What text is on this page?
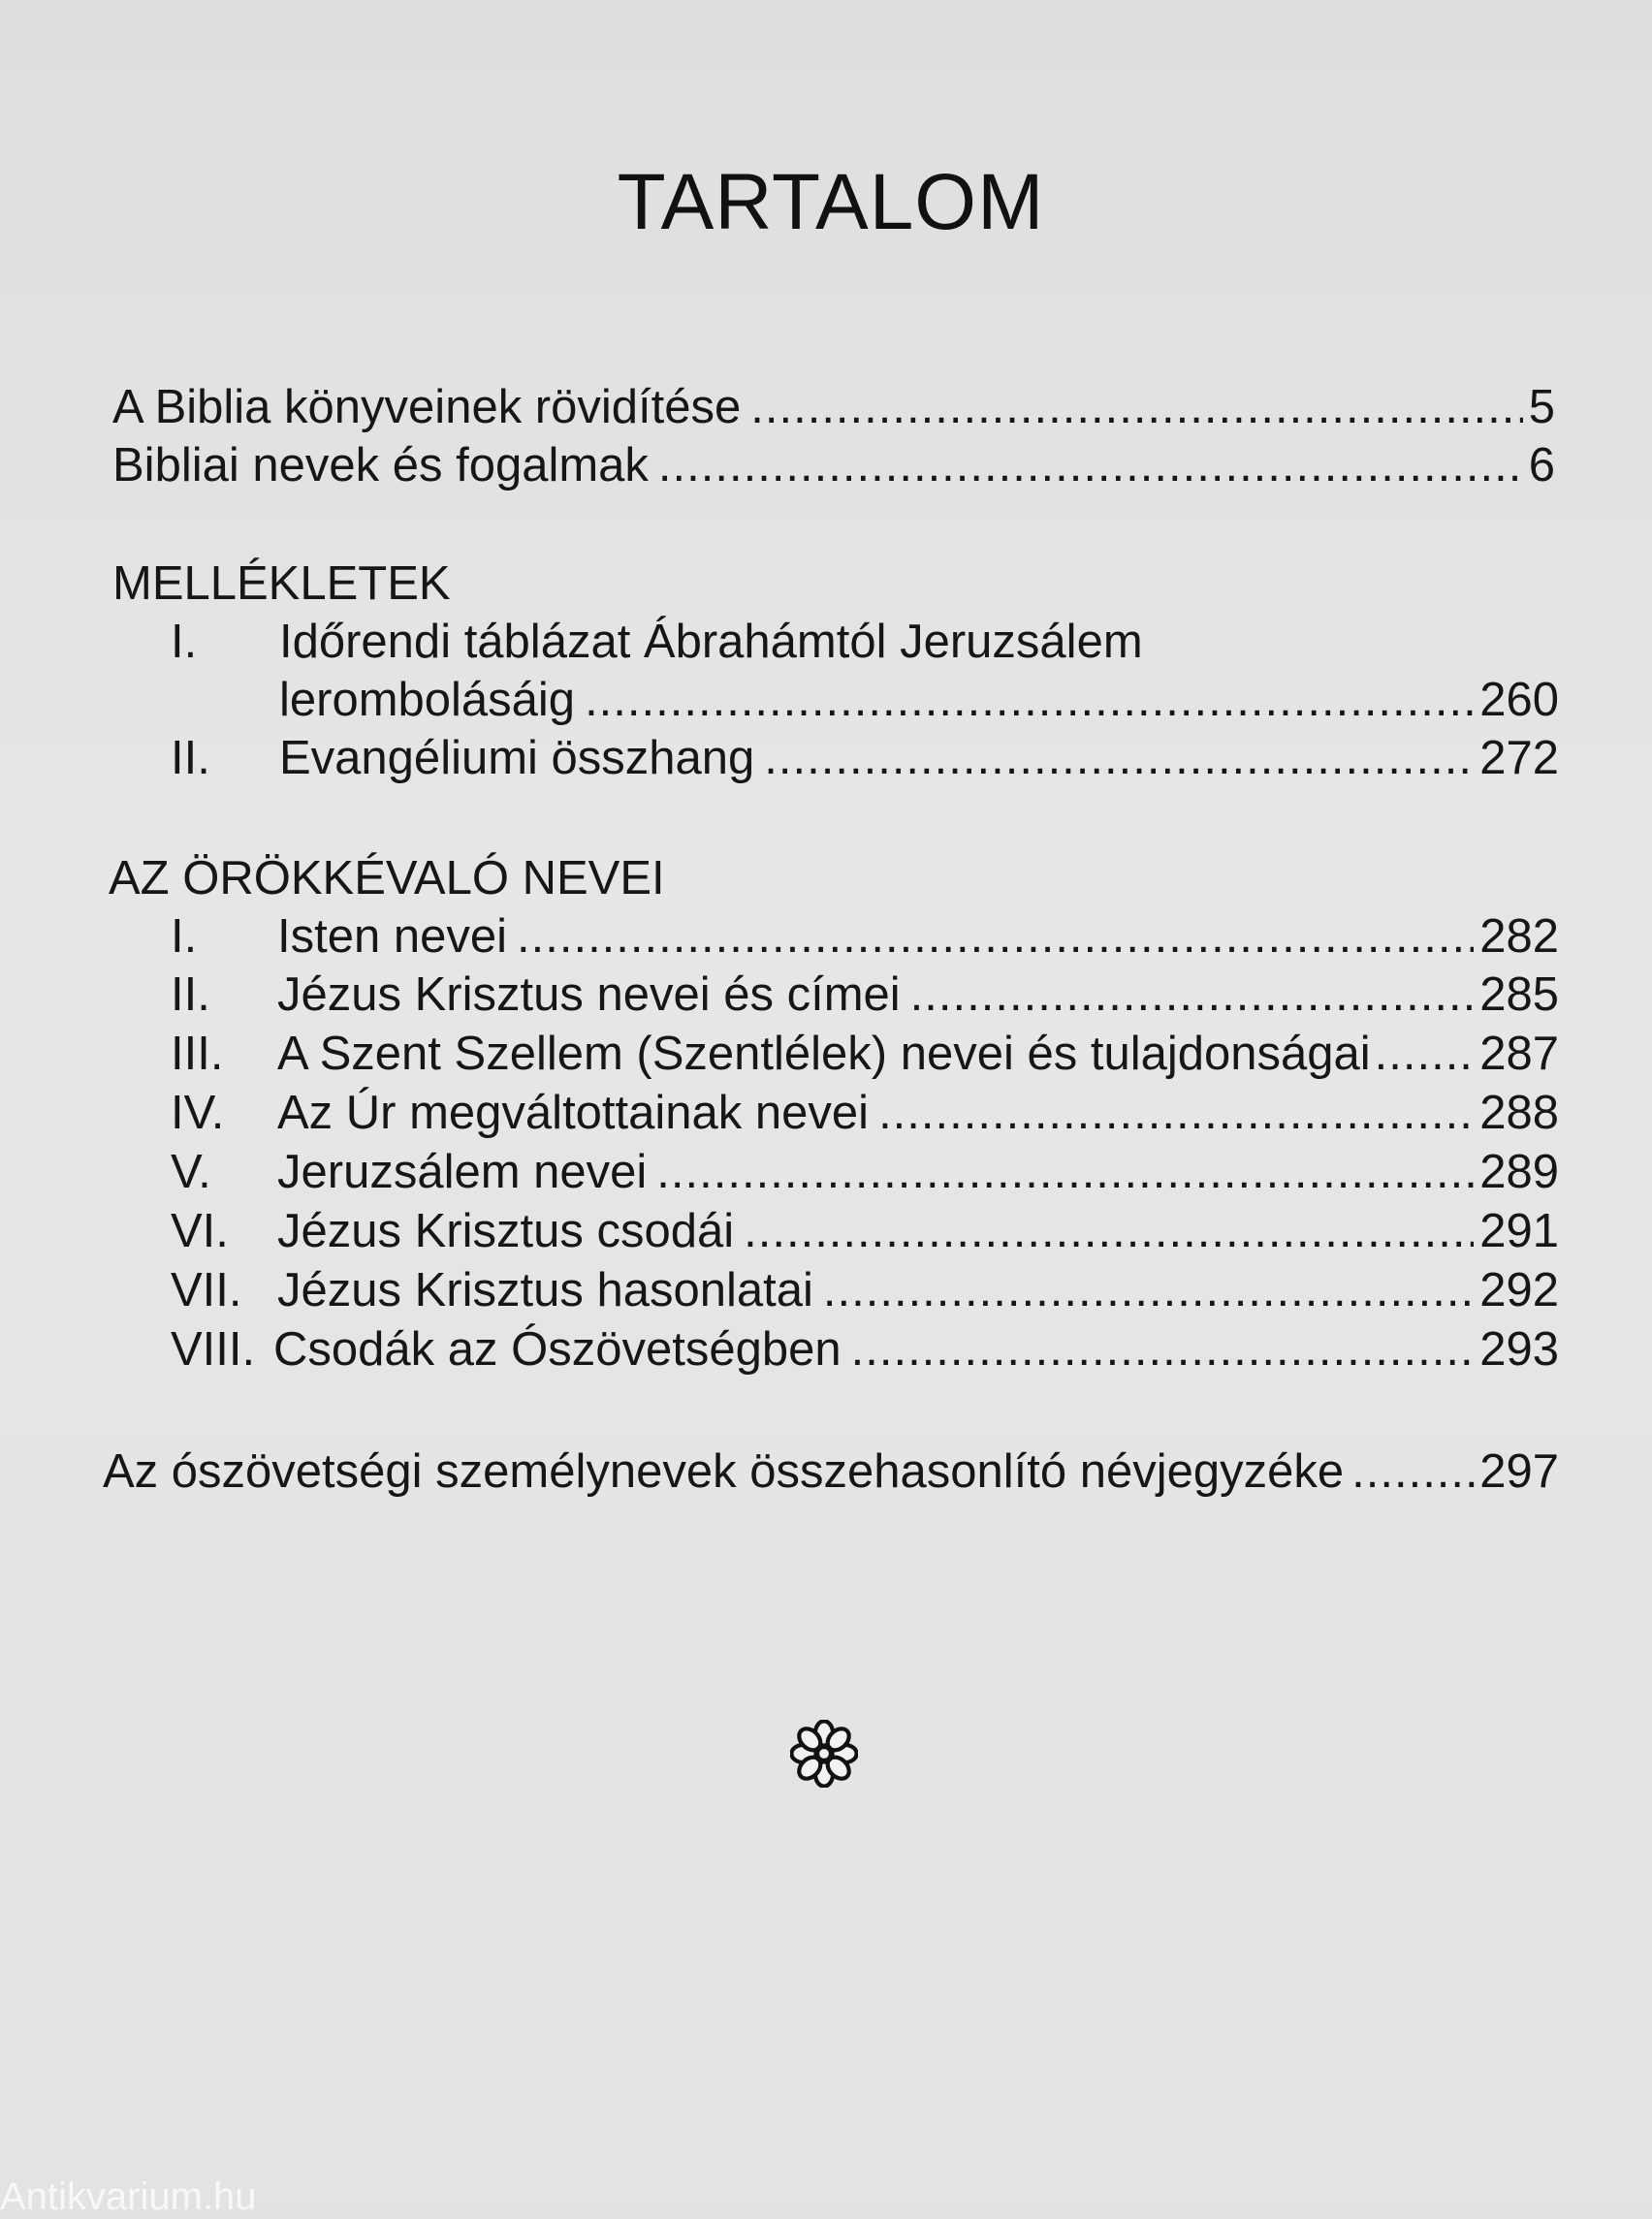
TARTALOM
A Biblia könyveinek rövidítése .....	5
Bibliai nevek és fogalmak .....	6
MELLÉKLETEK
I. Időrendi táblázat Ábrahámtól Jeruzsálem
lerombolásáig .....	260
II.	Evangéliumi összhang .....	272
AZ ÖRÖKKÉVALÓ NEVEI
I.	Isten nevei .....	282
II.	Jézus Krisztus nevei és címei .....	285
III.	A Szent Szellem (Szentlélek) nevei és tulajdonságai ..... 287
IV.	Az Úr megváltottainak nevei .....	288
V.	Jeruzsálem nevei .....	289
VI.	Jézus Krisztus csodái .....	291
VII. Jézus Krisztus hasonlatai .....	292
VIII. Csodák az Ószövetségben .....	293
Az ószövetségi személynevek összehasonlító névjegyzéke .....	297
Antikvarium.hu
